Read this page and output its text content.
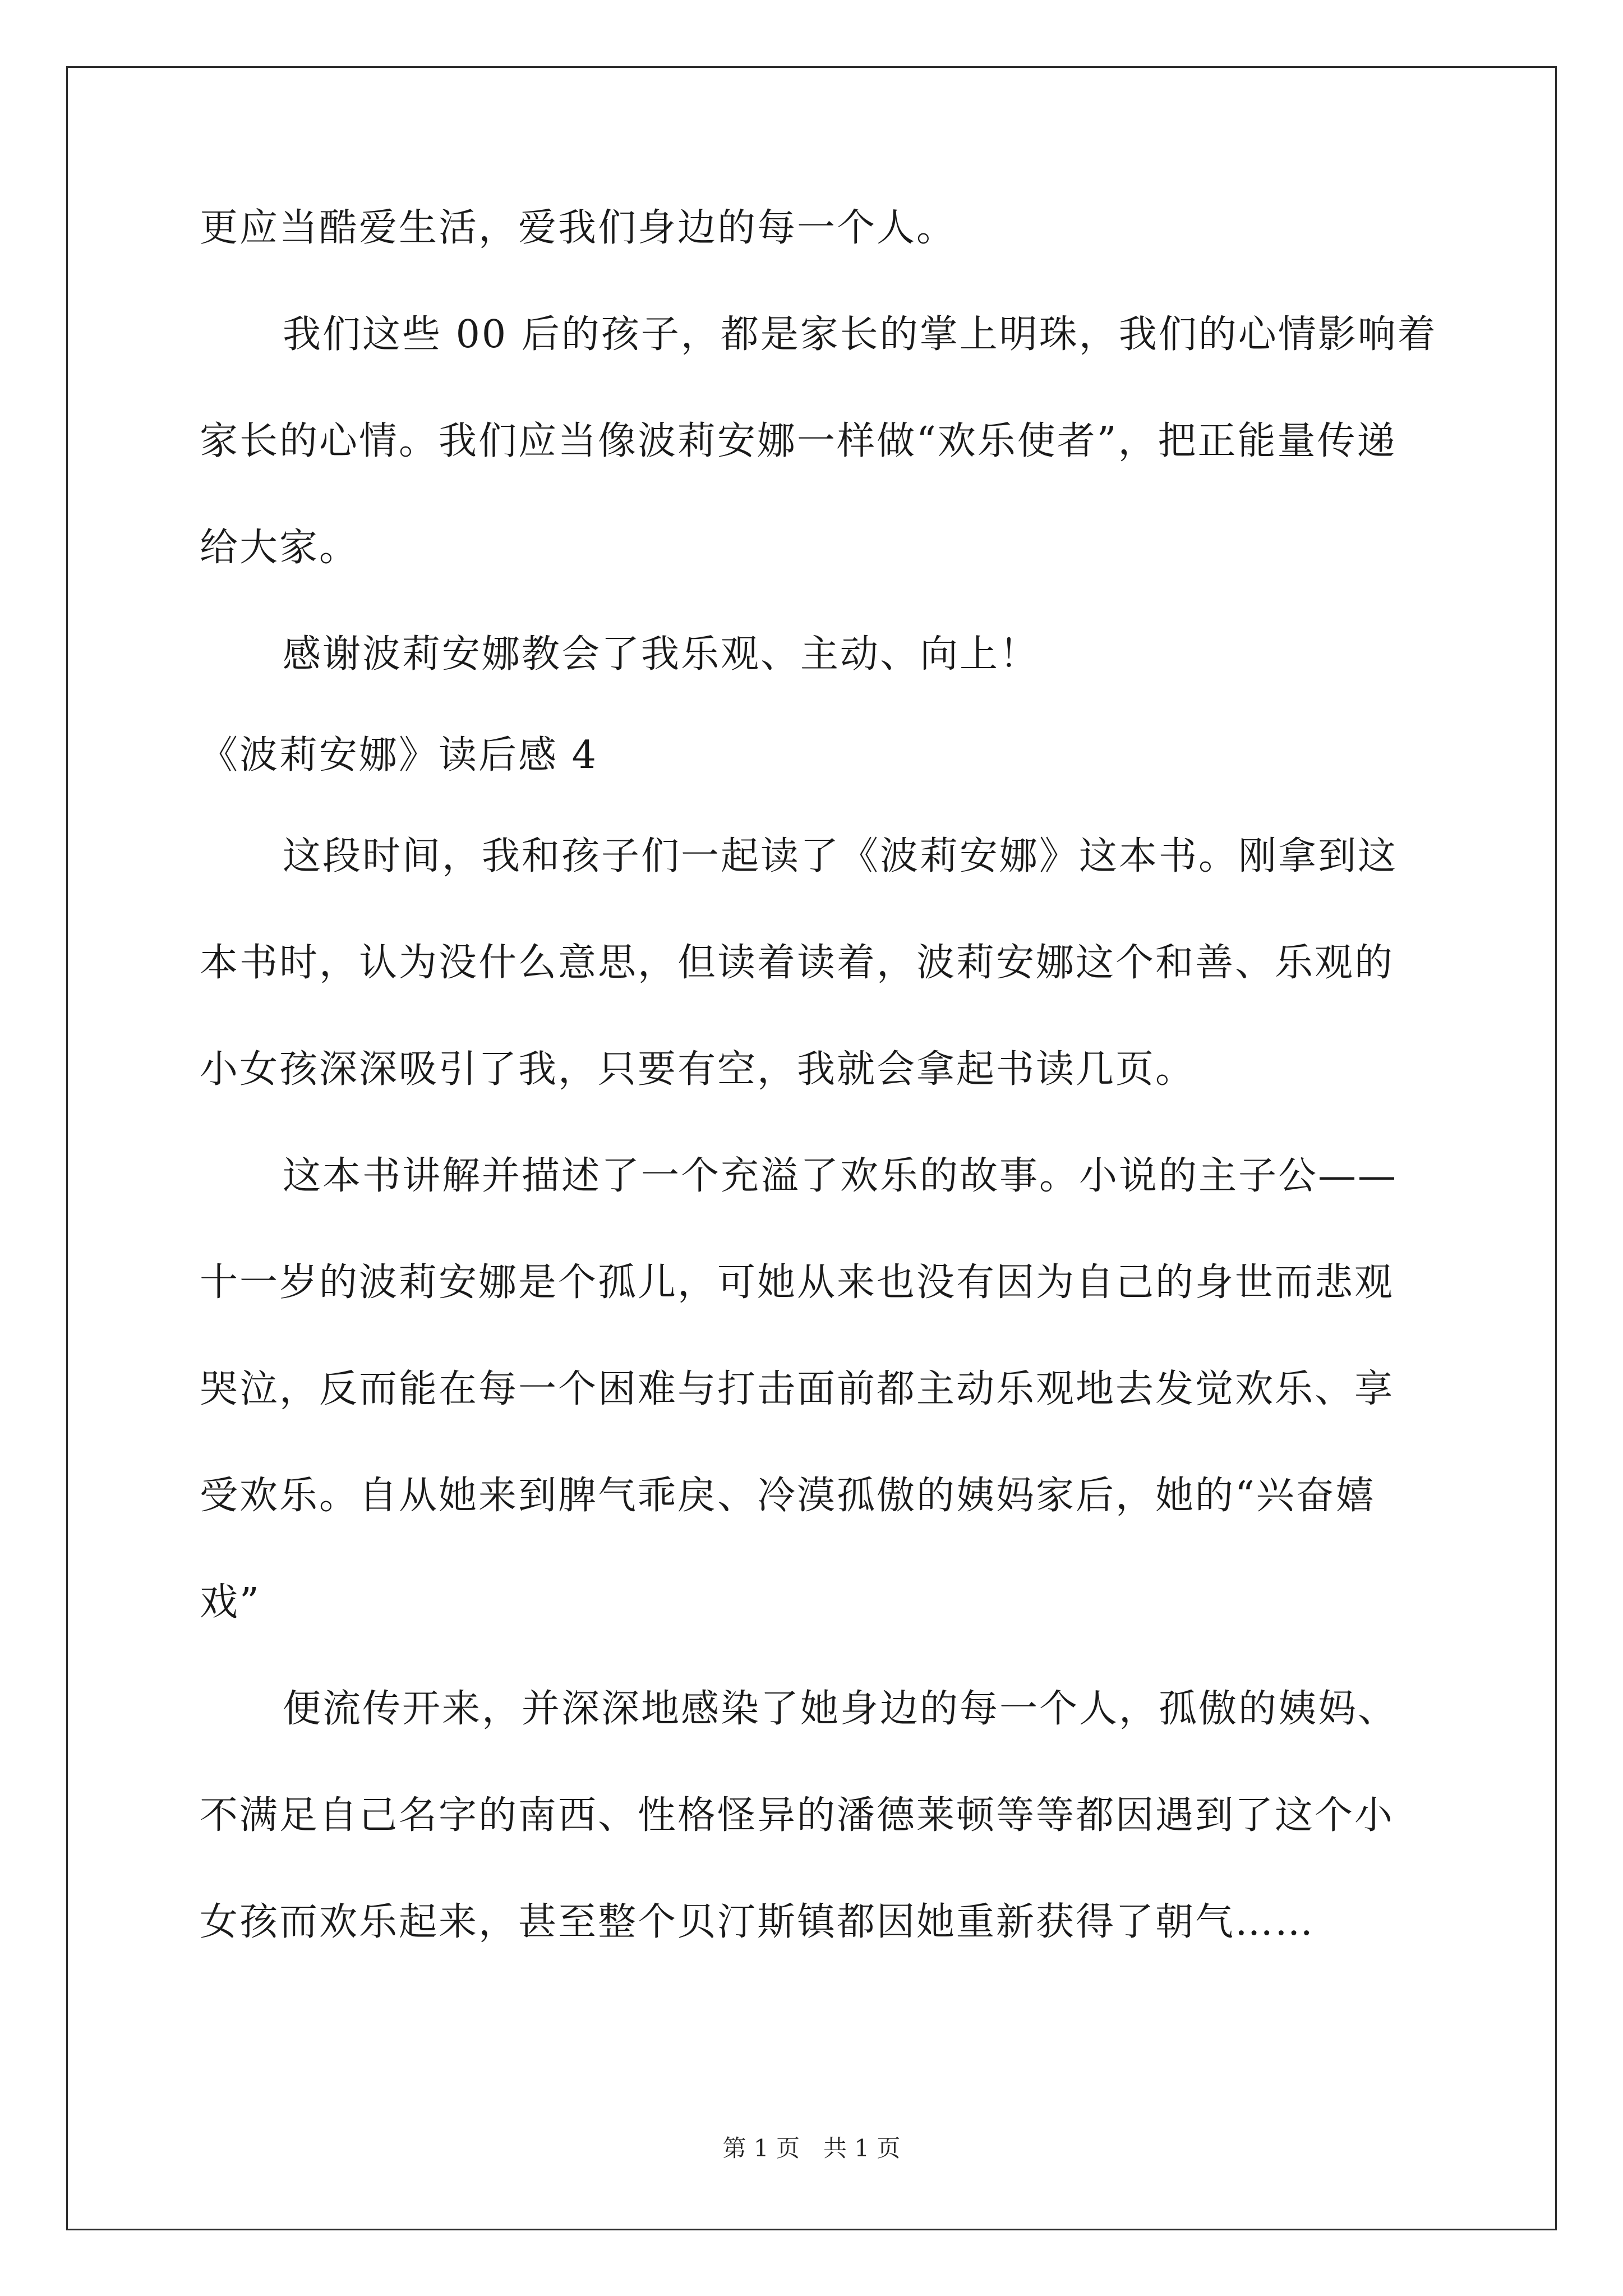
更应当酷爱生活，爱我们身边的每一个人。
我们这些 00 后的孩子，都是家长的掌上明珠，我们的心情影响着
家长的心情。我们应当像波莉安娜一样做“欢乐使者”，把正能量传递
给大家。
感谢波莉安娜教会了我乐观、主动、向上！
《波莉安娜》读后感 4
这段时间，我和孩子们一起读了《波莉安娜》这本书。刚拿到这
本书时，认为没什么意思，但读着读着，波莉安娜这个和善、乐观的
小女孩深深吸引了我，只要有空，我就会拿起书读几页。
这本书讲解并描述了一个充溢了欢乐的故事。小说的主子公——
十一岁的波莉安娜是个孤儿，可她从来也没有因为自己的身世而悲观
哭泣，反而能在每一个困难与打击面前都主动乐观地去发觉欢乐、享
受欢乐。自从她来到脾气乖戾、冷漠孤傲的姨妈家后，她的“兴奋嬉
戏”
便流传开来，并深深地感染了她身边的每一个人，孤傲的姨妈、
不满足自己名字的南西、性格怪异的潘德莱顿等等都因遇到了这个小
女孩而欢乐起来，甚至整个贝汀斯镇都因她重新获得了朝气……
第 1 页　共 1 页
